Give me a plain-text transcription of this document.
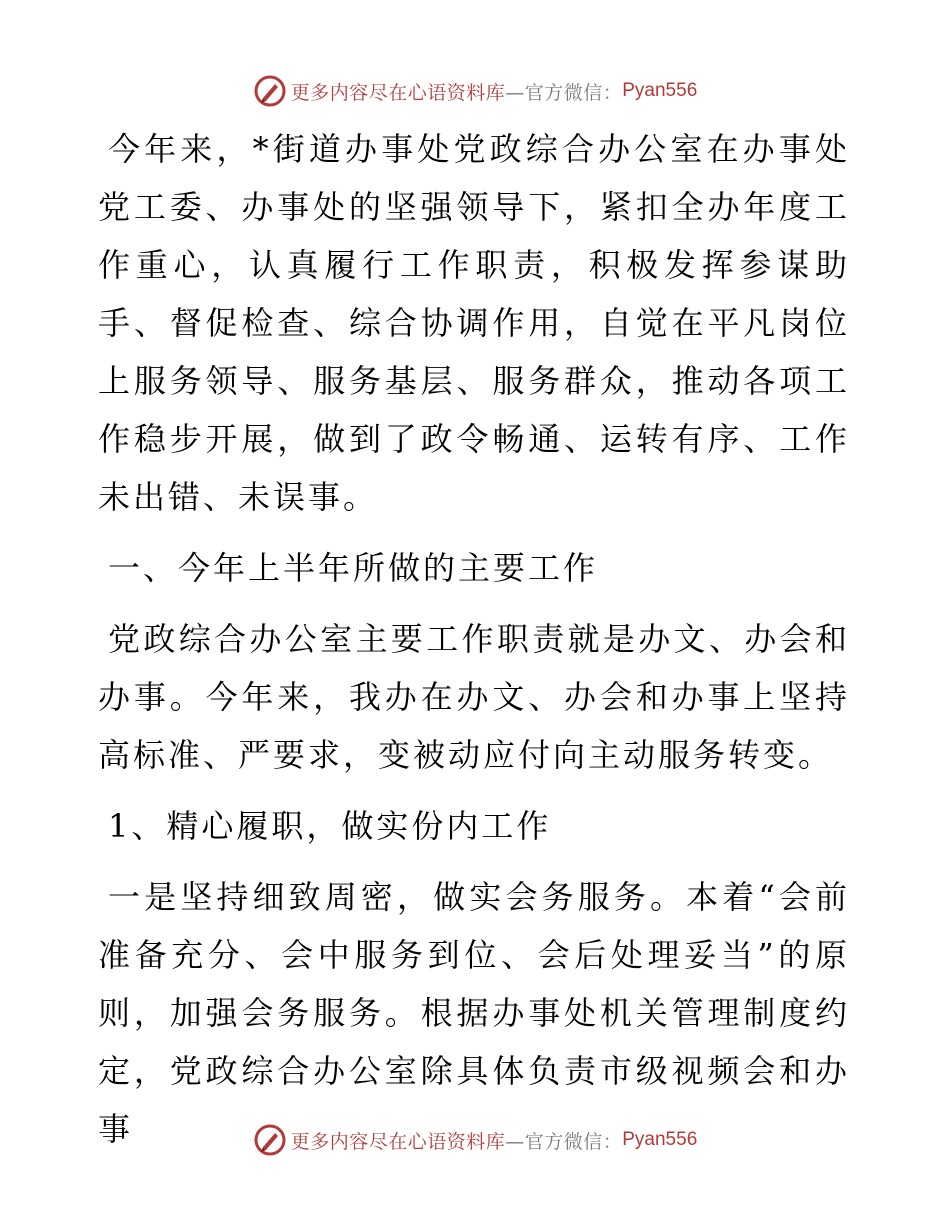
更多内容尽在心语资料库 —官方微信： Pyan556

今年来，*街道办事处党政综合办公室在办事处党工委、办事处的坚强领导下，紧扣全办年度工作重心，认真履行工作职责，积极发挥参谋助手、督促检查、综合协调作用，自觉在平凡岗位上服务领导、服务基层、服务群众，推动各项工作稳步开展，做到了政令畅通、运转有序、工作未出错、未误事。

一、今年上半年所做的主要工作

党政综合办公室主要工作职责就是办文、办会和办事。今年来，我办在办文、办会和办事上坚持高标准、严要求，变被动应付向主动服务转变。

1、精心履职，做实份内工作

一是坚持细致周密，做实会务服务。本着“会前准备充分、会中服务到位、会后处理妥当”的原则，加强会务服务。根据办事处机关管理制度约定，党政综合办公室除具体负责市级视频会和办事	更多内容尽在心语资料库 —官方微信： Pyan556
